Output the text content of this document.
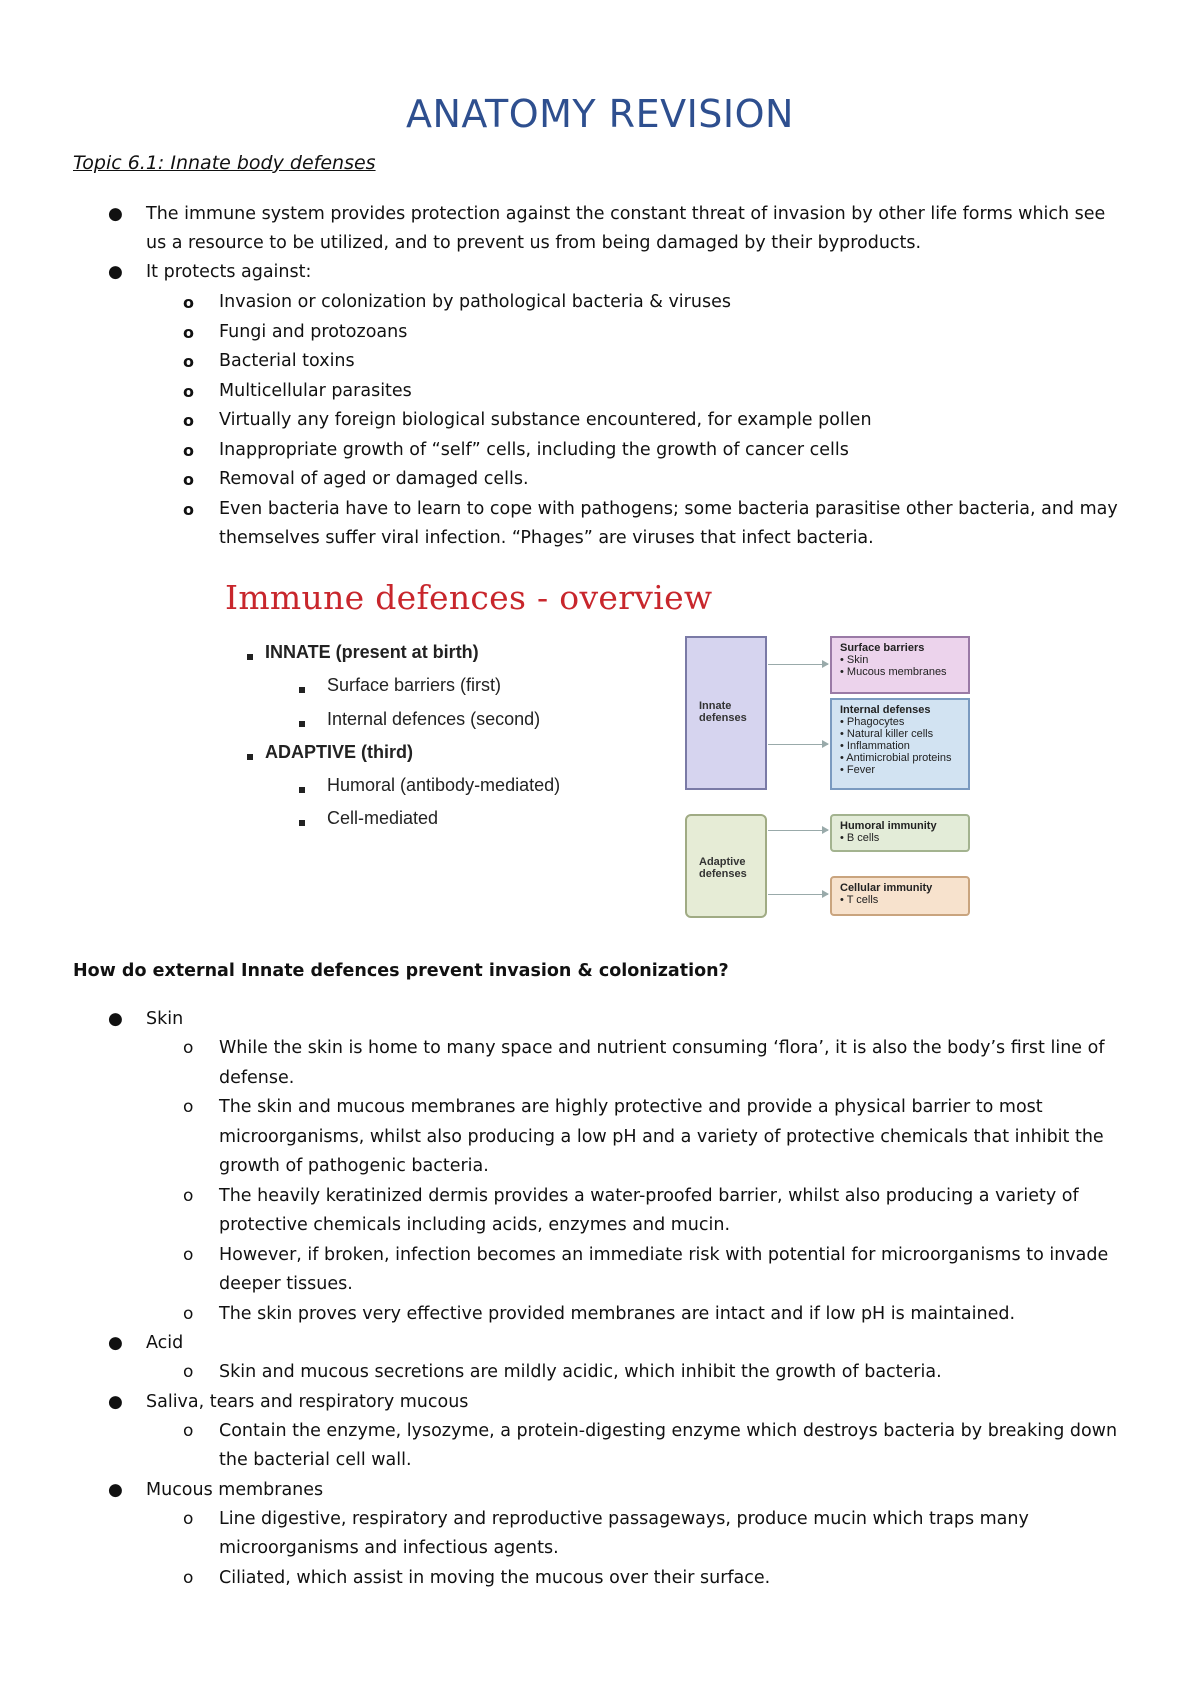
ANATOMY REVISION
Topic 6.1: Innate body defenses
● The immune system provides protection against the constant threat of invasion by other life forms which see us a resource to be utilized, and to prevent us from being damaged by their byproducts.
● It protects against:
o Invasion or colonization by pathological bacteria & viruses
o Fungi and protozoans
o Bacterial toxins
o Multicellular parasites
o Virtually any foreign biological substance encountered, for example pollen
o Inappropriate growth of “self” cells, including the growth of cancer cells
o Removal of aged or damaged cells.
o Even bacteria have to learn to cope with pathogens; some bacteria parasitise other bacteria, and may themselves suffer viral infection. “Phages” are viruses that infect bacteria.
Immune defences - overview
INNATE (present at birth)
Surface barriers (first)
Internal defences (second)
ADAPTIVE (third)
Humoral (antibody-mediated)
Cell-mediated
Innate defenses
Surface barriers
• Skin
• Mucous membranes
Internal defenses
• Phagocytes
• Natural killer cells
• Inflammation
• Antimicrobial proteins
• Fever
Adaptive defenses
Humoral immunity
• B cells
Cellular immunity
• T cells
How do external Innate defences prevent invasion & colonization?
● Skin
o While the skin is home to many space and nutrient consuming ‘flora’, it is also the body’s first line of defense.
o The skin and mucous membranes are highly protective and provide a physical barrier to most microorganisms, whilst also producing a low pH and a variety of protective chemicals that inhibit the growth of pathogenic bacteria.
o The heavily keratinized dermis provides a water-proofed barrier, whilst also producing a variety of protective chemicals including acids, enzymes and mucin.
o However, if broken, infection becomes an immediate risk with potential for microorganisms to invade deeper tissues.
o The skin proves very effective provided membranes are intact and if low pH is maintained.
● Acid
o Skin and mucous secretions are mildly acidic, which inhibit the growth of bacteria.
● Saliva, tears and respiratory mucous
o Contain the enzyme, lysozyme, a protein-digesting enzyme which destroys bacteria by breaking down the bacterial cell wall.
● Mucous membranes
o Line digestive, respiratory and reproductive passageways, produce mucin which traps many microorganisms and infectious agents.
o Ciliated, which assist in moving the mucous over their surface.
